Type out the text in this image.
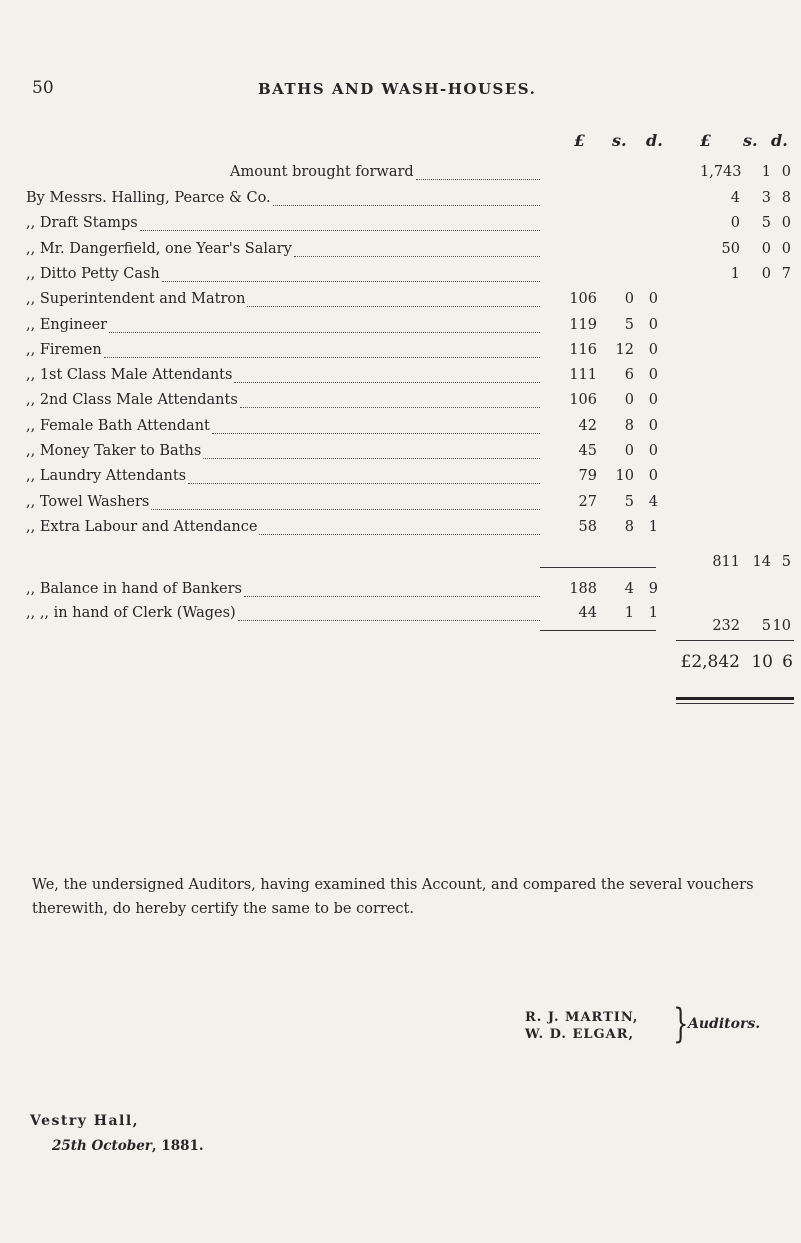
50	BATHS AND WASH-HOUSES.
£ s. d. £ s. d.
Amount brought forward	1,743	1 0
By Messrs. Halling, Pearce & Co.	4	3 8
,, Draft Stamps	0	5 0
,, Mr. Dangerfield, one Year's Salary	50	0 0
,, Ditto Petty Cash	1	0 7
,, Superintendent and Matron	106	0	0
,, Engineer	119	5	0
,, Firemen	116	12	0
,, 1st Class Male Attendants	111	6	0
,, 2nd Class Male Attendants	106	0	0
,, Female Bath Attendant	42	8	0
,, Money Taker to Baths	45	0	0
,, Laundry Attendants	79	10	0
,, Towel Washers	27	5	4
,, Extra Labour and Attendance	58	8	1
811 14 5
,, Balance in hand of Bankers	188	4	9
,, ,, in hand of Clerk (Wages)	44	1	1
232	5 10
£2,842 10 6
We, the undersigned Auditors, having examined this Account, and compared the several vouchers therewith, do hereby certify the same to be correct.
R. J. MARTIN,
W. D. ELGAR, } Auditors.
Vestry Hall,
25th October, 1881.
